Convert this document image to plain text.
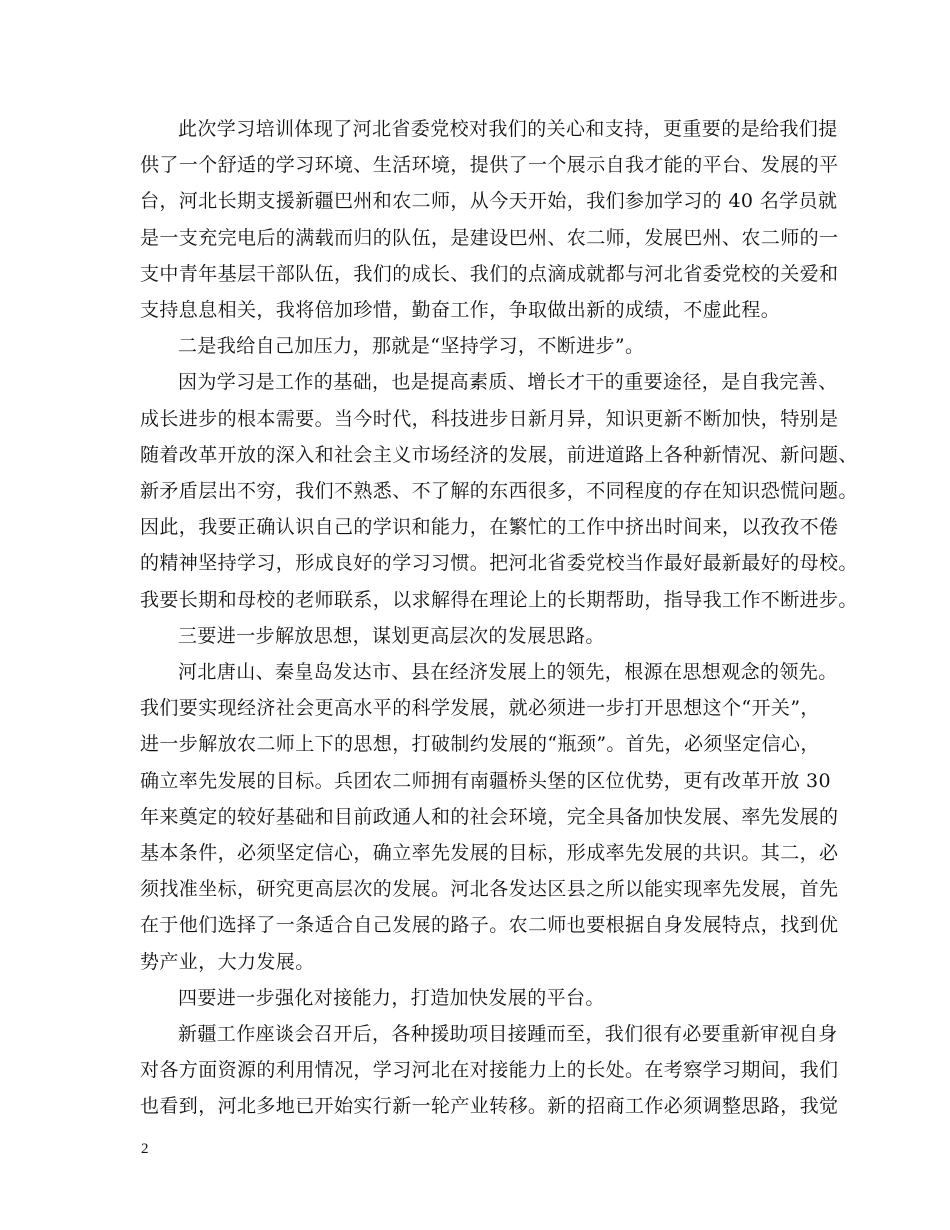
此次学习培训体现了河北省委党校对我们的关心和支持，更重要的是给我们提
供了一个舒适的学习环境、生活环境，提供了一个展示自我才能的平台、发展的平
台，河北长期支援新疆巴州和农二师，从今天开始，我们参加学习的 40 名学员就
是一支充完电后的满载而归的队伍，是建设巴州、农二师，发展巴州、农二师的一
支中青年基层干部队伍，我们的成长、我们的点滴成就都与河北省委党校的关爱和
支持息息相关，我将倍加珍惜，勤奋工作，争取做出新的成绩，不虚此程。
二是我给自己加压力，那就是“坚持学习，不断进步”。
因为学习是工作的基础，也是提高素质、增长才干的重要途径，是自我完善、
成长进步的根本需要。当今时代，科技进步日新月异，知识更新不断加快，特别是
随着改革开放的深入和社会主义市场经济的发展，前进道路上各种新情况、新问题、
新矛盾层出不穷，我们不熟悉、不了解的东西很多，不同程度的存在知识恐慌问题。
因此，我要正确认识自己的学识和能力，在繁忙的工作中挤出时间来，以孜孜不倦
的精神坚持学习，形成良好的学习习惯。把河北省委党校当作最好最新最好的母校。
我要长期和母校的老师联系，以求解得在理论上的长期帮助，指导我工作不断进步。
三要进一步解放思想，谋划更高层次的发展思路。
河北唐山、秦皇岛发达市、县在经济发展上的领先，根源在思想观念的领先。
我们要实现经济社会更高水平的科学发展，就必须进一步打开思想这个“开关”，
进一步解放农二师上下的思想，打破制约发展的“瓶颈”。首先，必须坚定信心，
确立率先发展的目标。兵团农二师拥有南疆桥头堡的区位优势，更有改革开放 30
年来奠定的较好基础和目前政通人和的社会环境，完全具备加快发展、率先发展的
基本条件，必须坚定信心，确立率先发展的目标，形成率先发展的共识。其二，必
须找准坐标，研究更高层次的发展。河北各发达区县之所以能实现率先发展，首先
在于他们选择了一条适合自己发展的路子。农二师也要根据自身发展特点，找到优
势产业，大力发展。
四要进一步强化对接能力，打造加快发展的平台。
新疆工作座谈会召开后，各种援助项目接踵而至，我们很有必要重新审视自身
对各方面资源的利用情况，学习河北在对接能力上的长处。在考察学习期间，我们
也看到，河北多地已开始实行新一轮产业转移。新的招商工作必须调整思路，我觉
2
